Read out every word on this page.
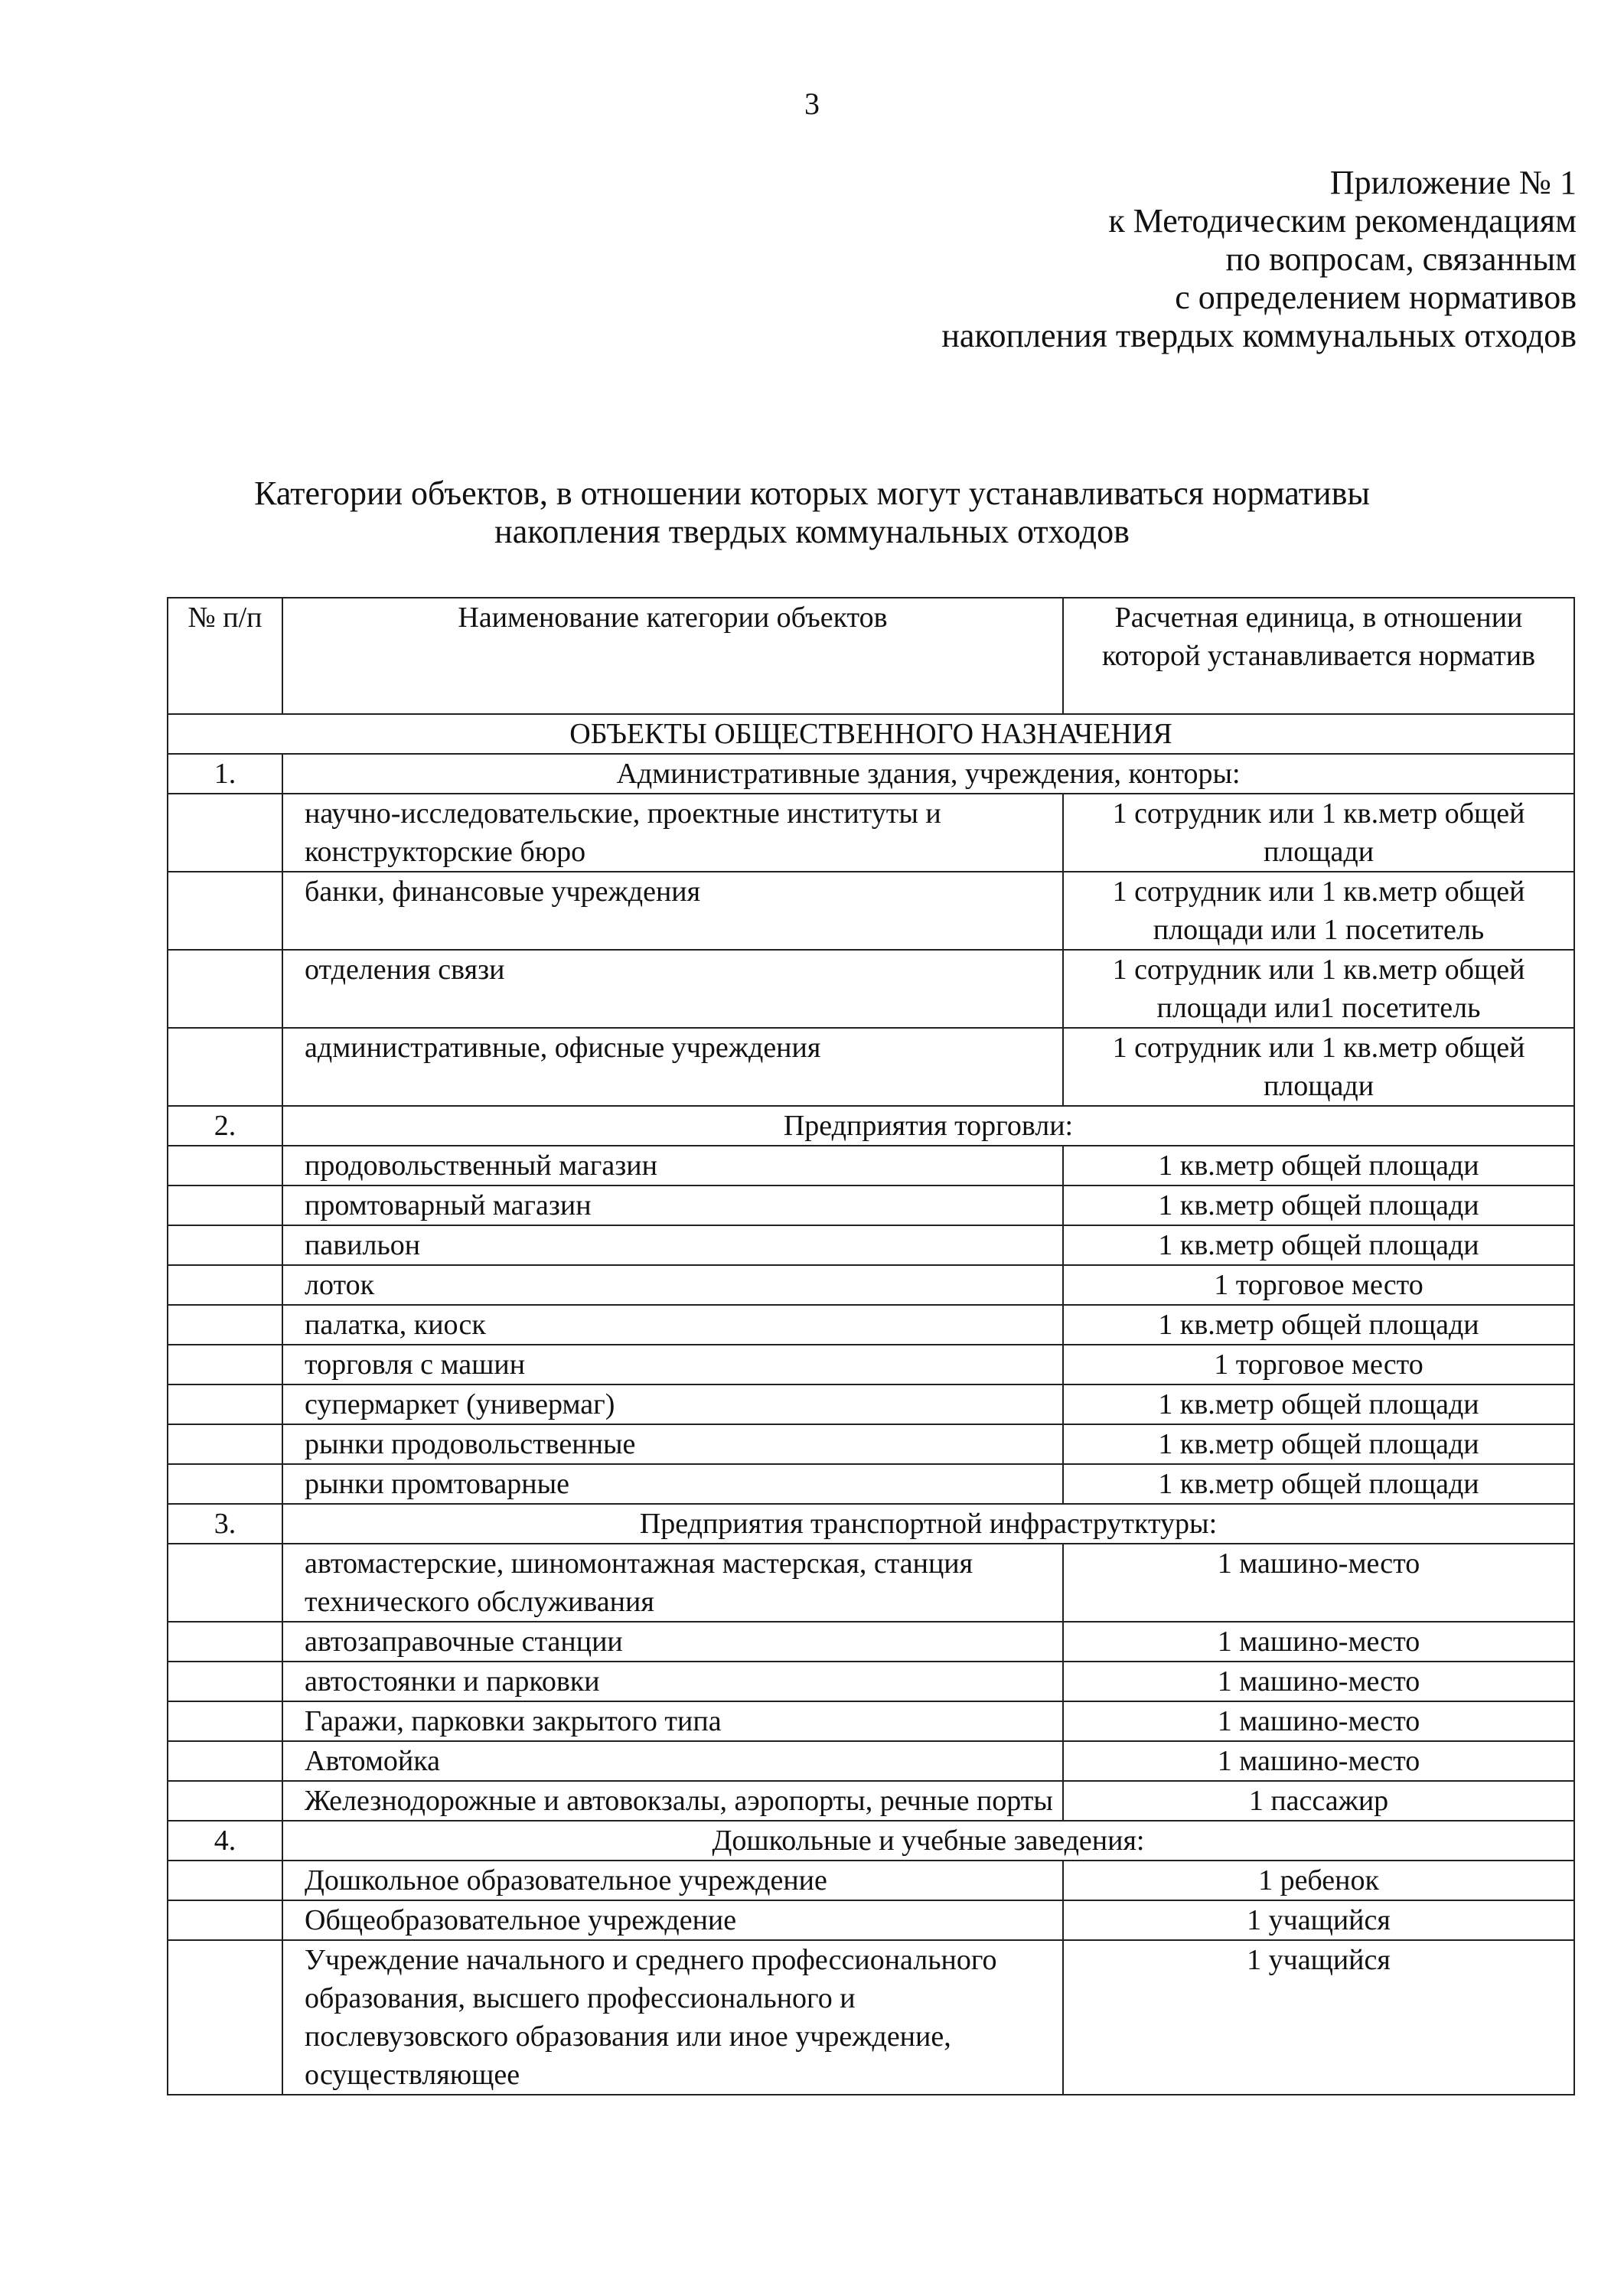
3
Приложение № 1
к Методическим рекомендациям
по вопросам, связанным
с определением нормативов
накопления твердых коммунальных отходов
Категории объектов, в отношении которых могут устанавливаться нормативы
накопления твердых коммунальных отходов
№ п/п	Наименование категории объектов	Расчетная единица, в отношении которой устанавливается норматив
ОБЪЕКТЫ ОБЩЕСТВЕННОГО НАЗНАЧЕНИЯ		
1.	Административные здания, учреждения, конторы:	
	научно-исследовательские, проектные институты и конструкторские бюро	1 сотрудник или 1 кв.метр общей площади
	банки, финансовые учреждения	1 сотрудник или 1 кв.метр общей площади или 1 посетитель
	отделения связи	1 сотрудник или 1 кв.метр общей площади или1 посетитель
	административные, офисные учреждения	1 сотрудник или 1 кв.метр общей площади
2.	Предприятия торговли:	
	продовольственный магазин	1 кв.метр общей площади
	промтоварный магазин	1 кв.метр общей площади
	павильон	1 кв.метр общей площади
	лоток	1 торговое место
	палатка, киоск	1 кв.метр общей площади
	торговля с машин	1 торговое место
	супермаркет (универмаг)	1 кв.метр общей площади
	рынки продовольственные	1 кв.метр общей площади
	рынки промтоварные	1 кв.метр общей площади
3.	Предприятия транспортной инфраструтктуры:	
	автомастерские, шиномонтажная мастерская, станция технического обслуживания	1 машино-место
	автозаправочные станции	1 машино-место
	автостоянки и парковки	1 машино-место
	Гаражи, парковки закрытого типа	1 машино-место
	Автомойка	1 машино-место
	Железнодорожные и автовокзалы, аэропорты, речные порты	1 пассажир
4.	Дошкольные и учебные заведения:	
	Дошкольное образовательное учреждение	1 ребенок
	Общеобразовательное учреждение	1 учащийся
	Учреждение начального и среднего профессионального образования, высшего профессионального и послевузовского образования или иное учреждение, осуществляющее	1 учащийся
